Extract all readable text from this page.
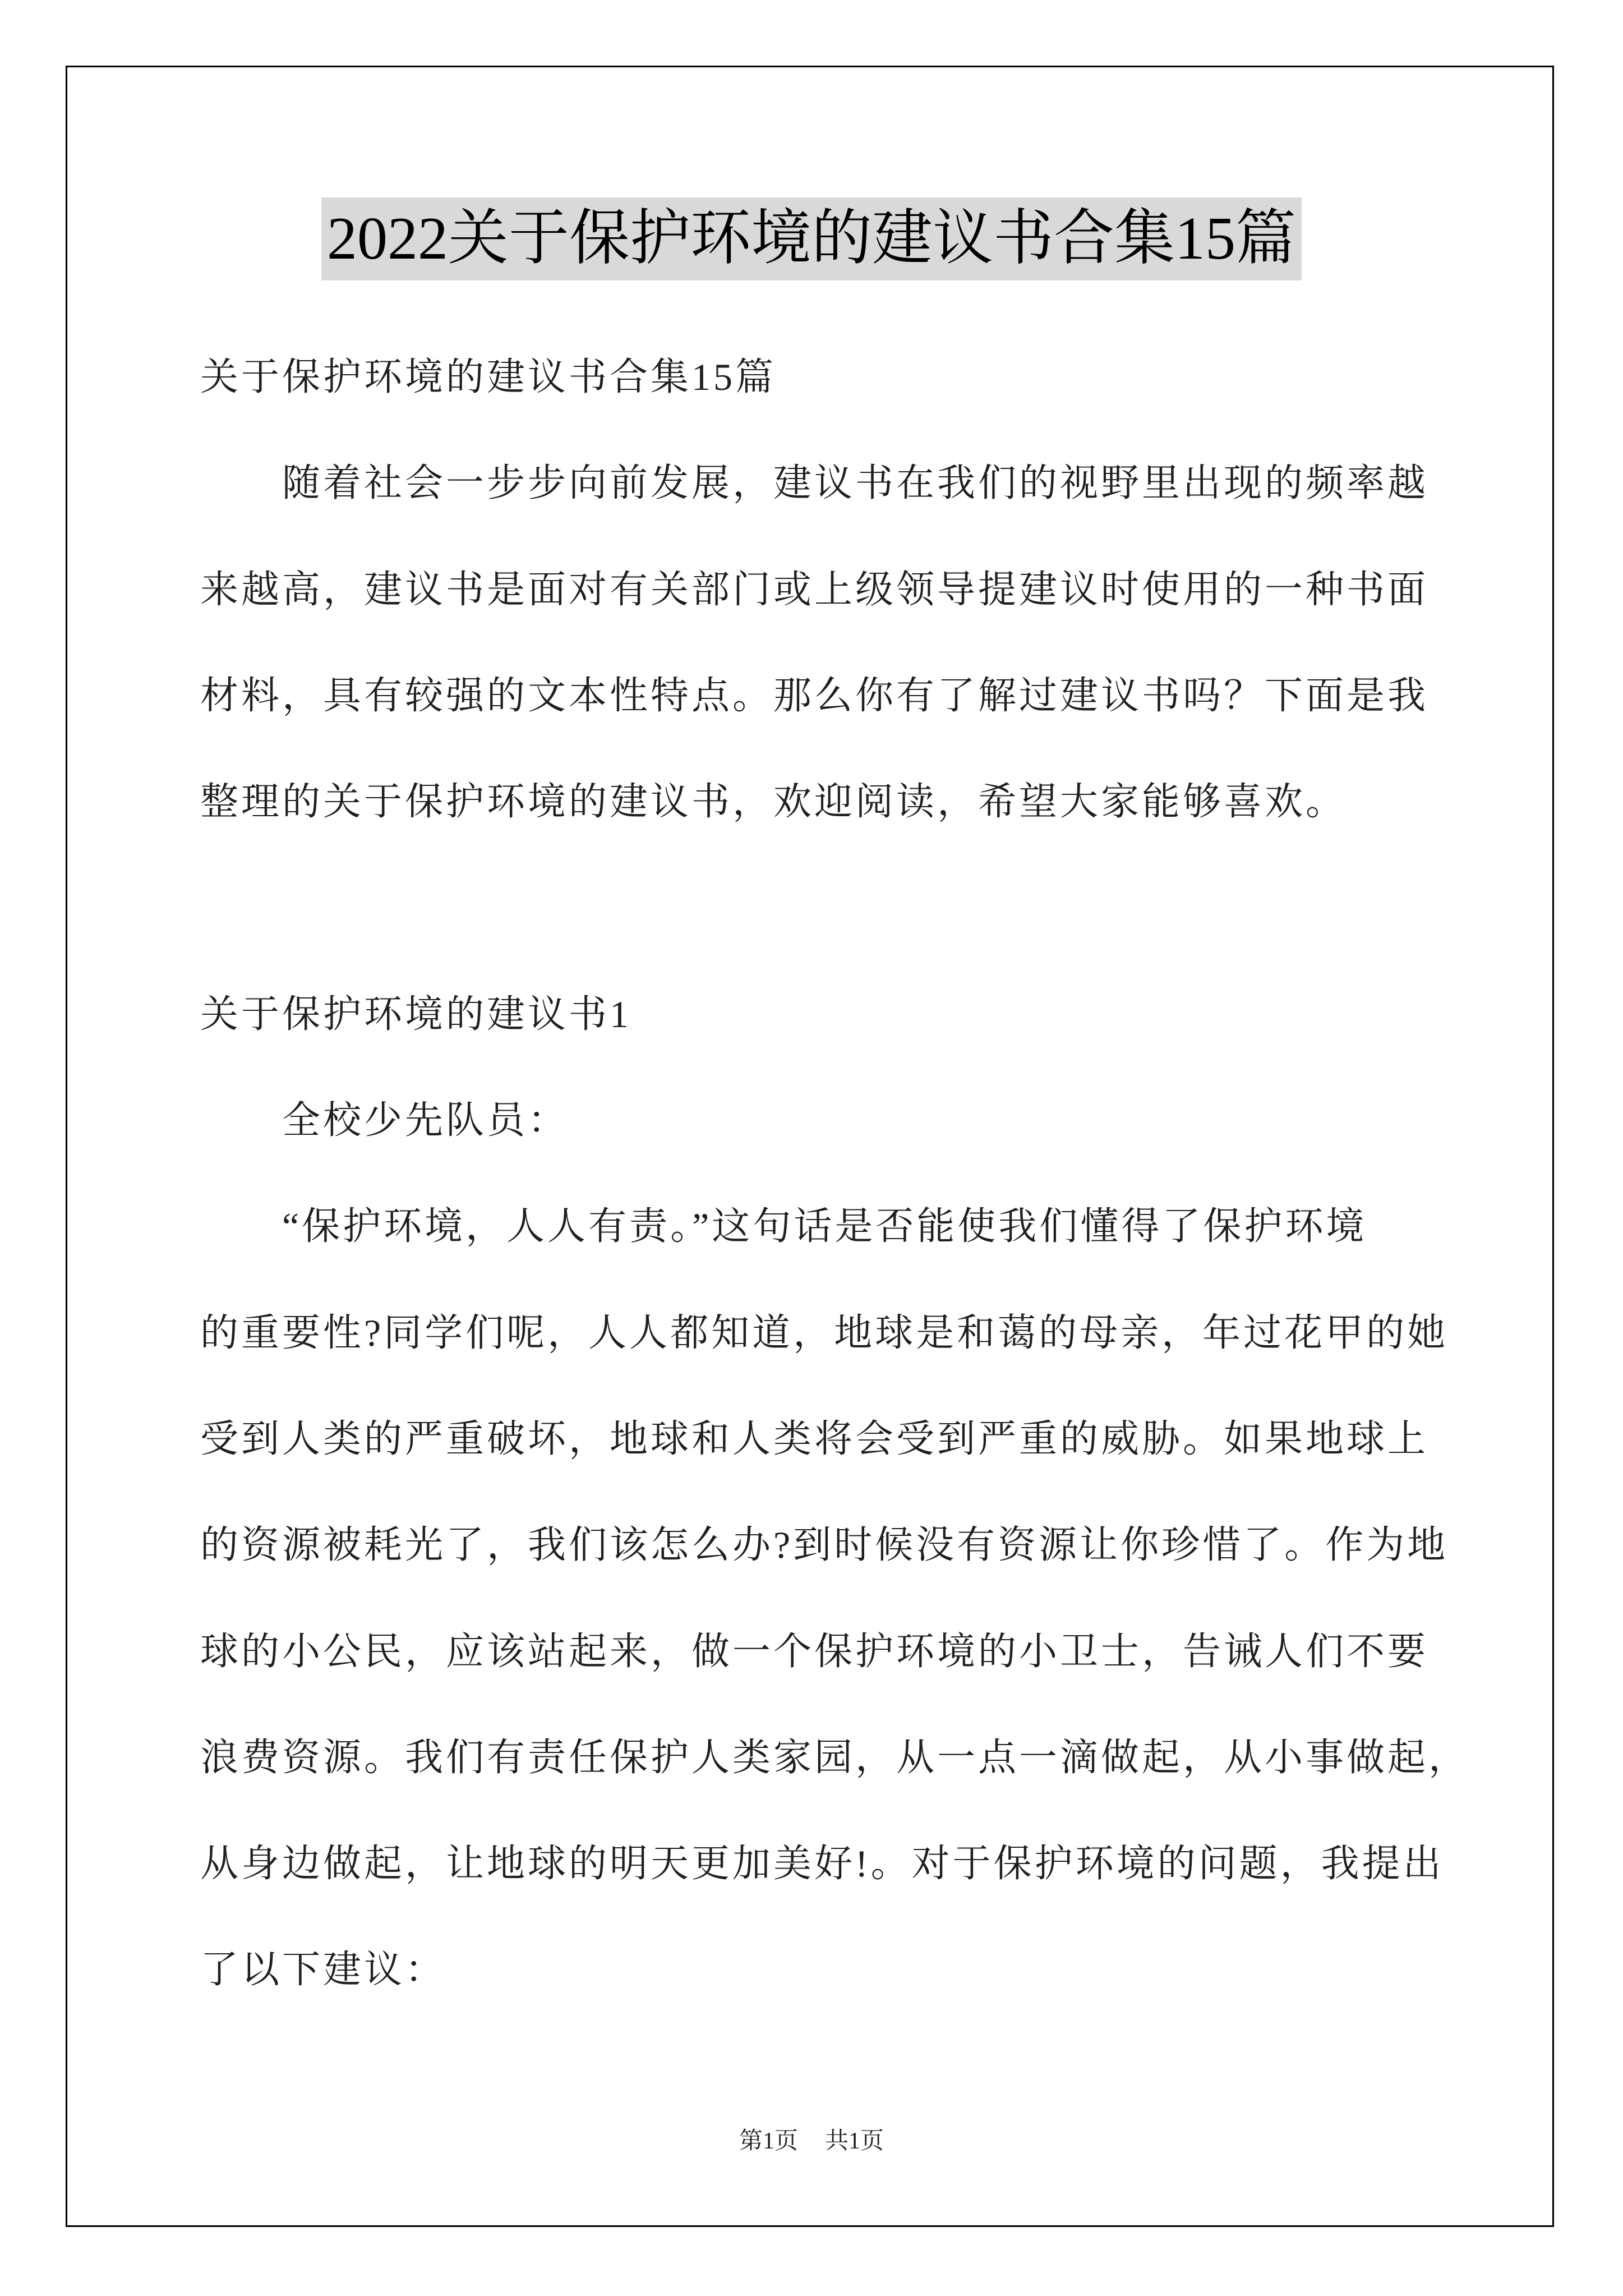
2022关于保护环境的建议书合集15篇
关于保护环境的建议书合集15篇
随着社会一步步向前发展，建议书在我们的视野里出现的频率越
来越高，建议书是面对有关部门或上级领导提建议时使用的一种书面
材料，具有较强的文本性特点。那么你有了解过建议书吗？下面是我
整理的关于保护环境的建议书，欢迎阅读，希望大家能够喜欢。
关于保护环境的建议书1
全校少先队员：
“保护环境，人人有责。”这句话是否能使我们懂得了保护环境
的重要性?同学们呢，人人都知道，地球是和蔼的母亲，年过花甲的她
受到人类的严重破坏，地球和人类将会受到严重的威胁。如果地球上
的资源被耗光了，我们该怎么办?到时候没有资源让你珍惜了。作为地
球的小公民，应该站起来，做一个保护环境的小卫士，告诫人们不要
浪费资源。我们有责任保护人类家园，从一点一滴做起，从小事做起，
从身边做起，让地球的明天更加美好!。对于保护环境的问题，我提出
了以下建议：
第1页 共1页
